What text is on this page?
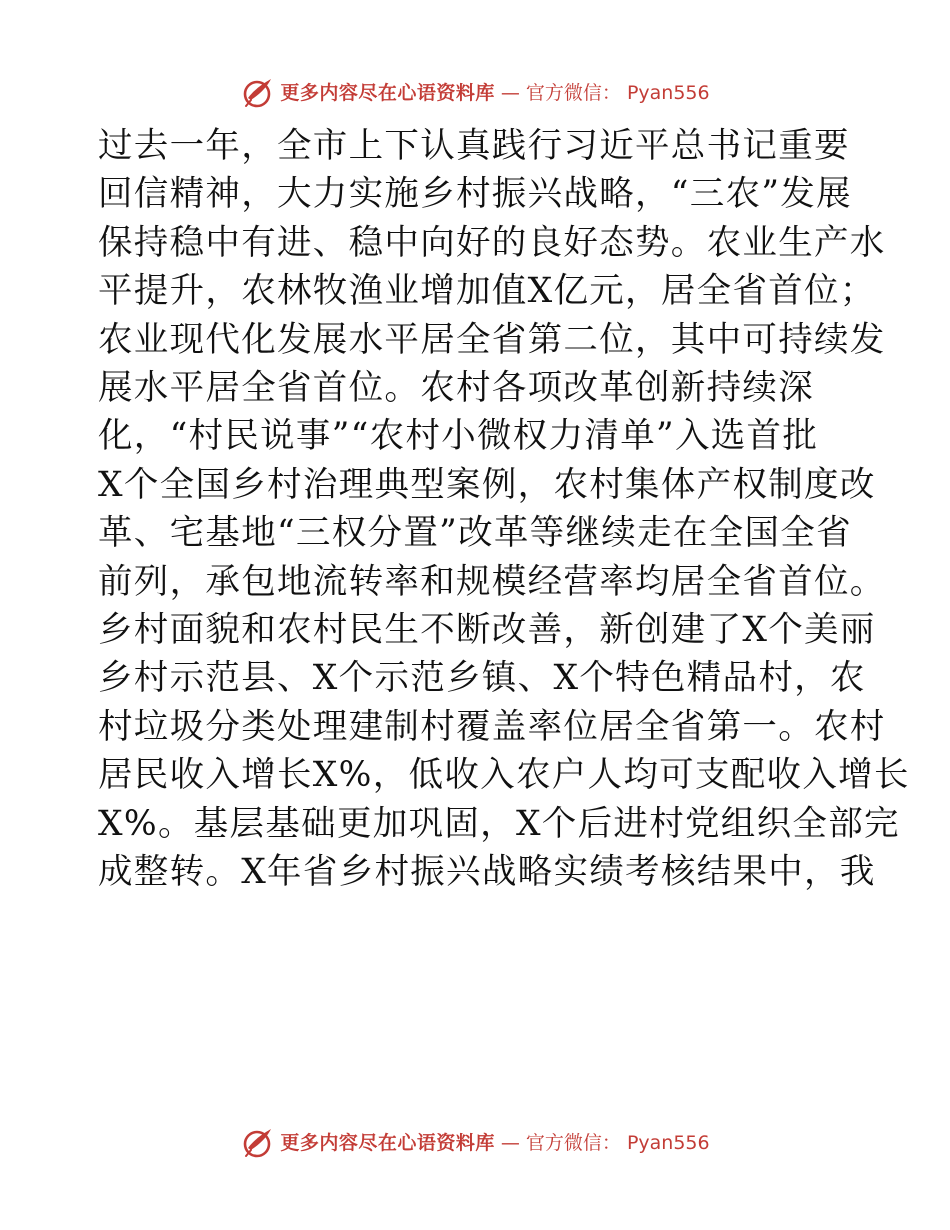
更多内容尽在心语资料库 — 官方微信： Pyan556

过去一年，全市上下认真践行习近平总书记重要
回信精神，大力实施乡村振兴战略，“三农”发展
保持稳中有进、稳中向好的良好态势。农业生产水
平提升，农林牧渔业增加值X亿元，居全省首位；
农业现代化发展水平居全省第二位，其中可持续发
展水平居全省首位。农村各项改革创新持续深
化，“村民说事”“农村小微权力清单”入选首批
X个全国乡村治理典型案例，农村集体产权制度改
革、宅基地“三权分置”改革等继续走在全国全省
前列，承包地流转率和规模经营率均居全省首位。
乡村面貌和农村民生不断改善，新创建了X个美丽
乡村示范县、X个示范乡镇、X个特色精品村，农
村垃圾分类处理建制村覆盖率位居全省第一。农村
居民收入增长X%，低收入农户人均可支配收入增长
X%。基层基础更加巩固，X个后进村党组织全部完
成整转。X年省乡村振兴战略实绩考核结果中，我

更多内容尽在心语资料库 — 官方微信： Pyan556
